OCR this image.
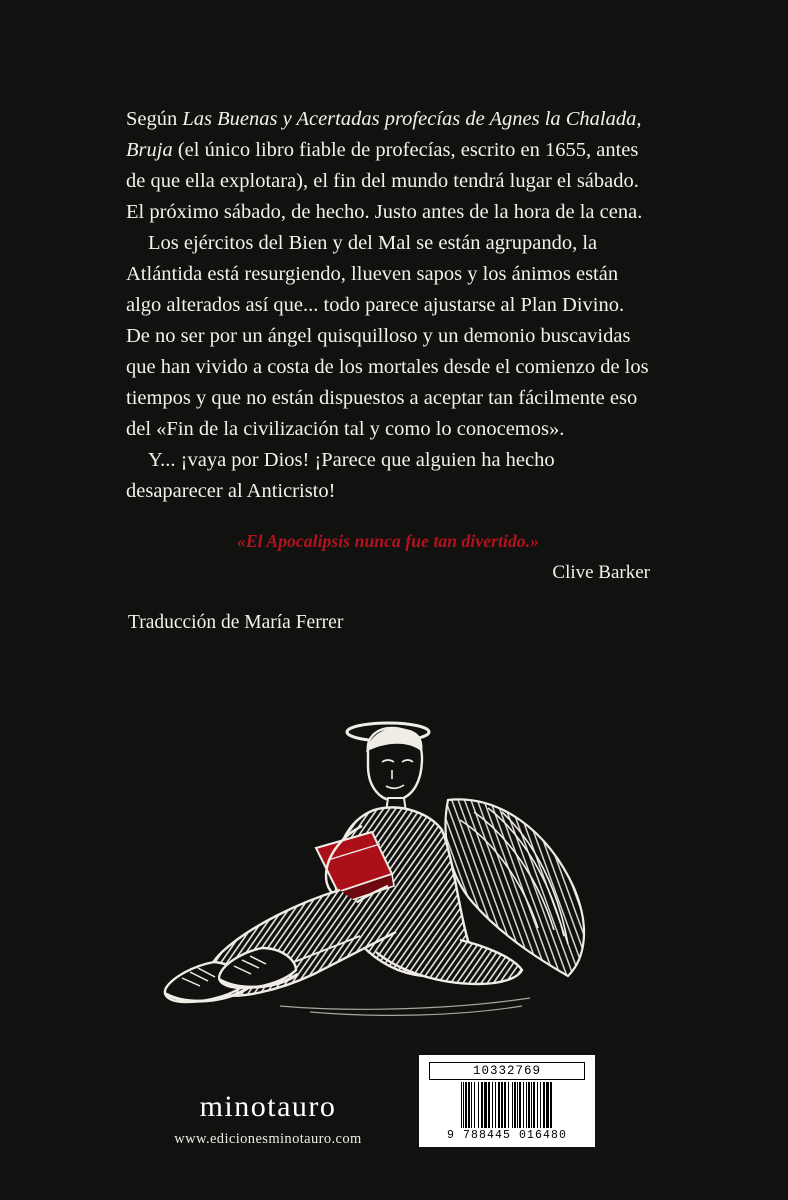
Según Las Buenas y Acertadas profecías de Agnes la Chalada, Bruja (el único libro fiable de profecías, escrito en 1655, antes de que ella explotara), el fin del mundo tendrá lugar el sábado. El próximo sábado, de hecho. Justo antes de la hora de la cena.

Los ejércitos del Bien y del Mal se están agrupando, la Atlántida está resurgiendo, llueven sapos y los ánimos están algo alterados así que... todo parece ajustarse al Plan Divino. De no ser por un ángel quisquilloso y un demonio buscavidas que han vivido a costa de los mortales desde el comienzo de los tiempos y que no están dispuestos a aceptar tan fácilmente eso del «Fin de la civilización tal y como lo conocemos».

Y... ¡vaya por Dios! ¡Parece que alguien ha hecho desaparecer al Anticristo!

«El Apocalipsis nunca fue tan divertido.»
Clive Barker
Traducción de María Ferrer
minotauro
www.edicionesminotauro.com
10332769
9 788445 016480
